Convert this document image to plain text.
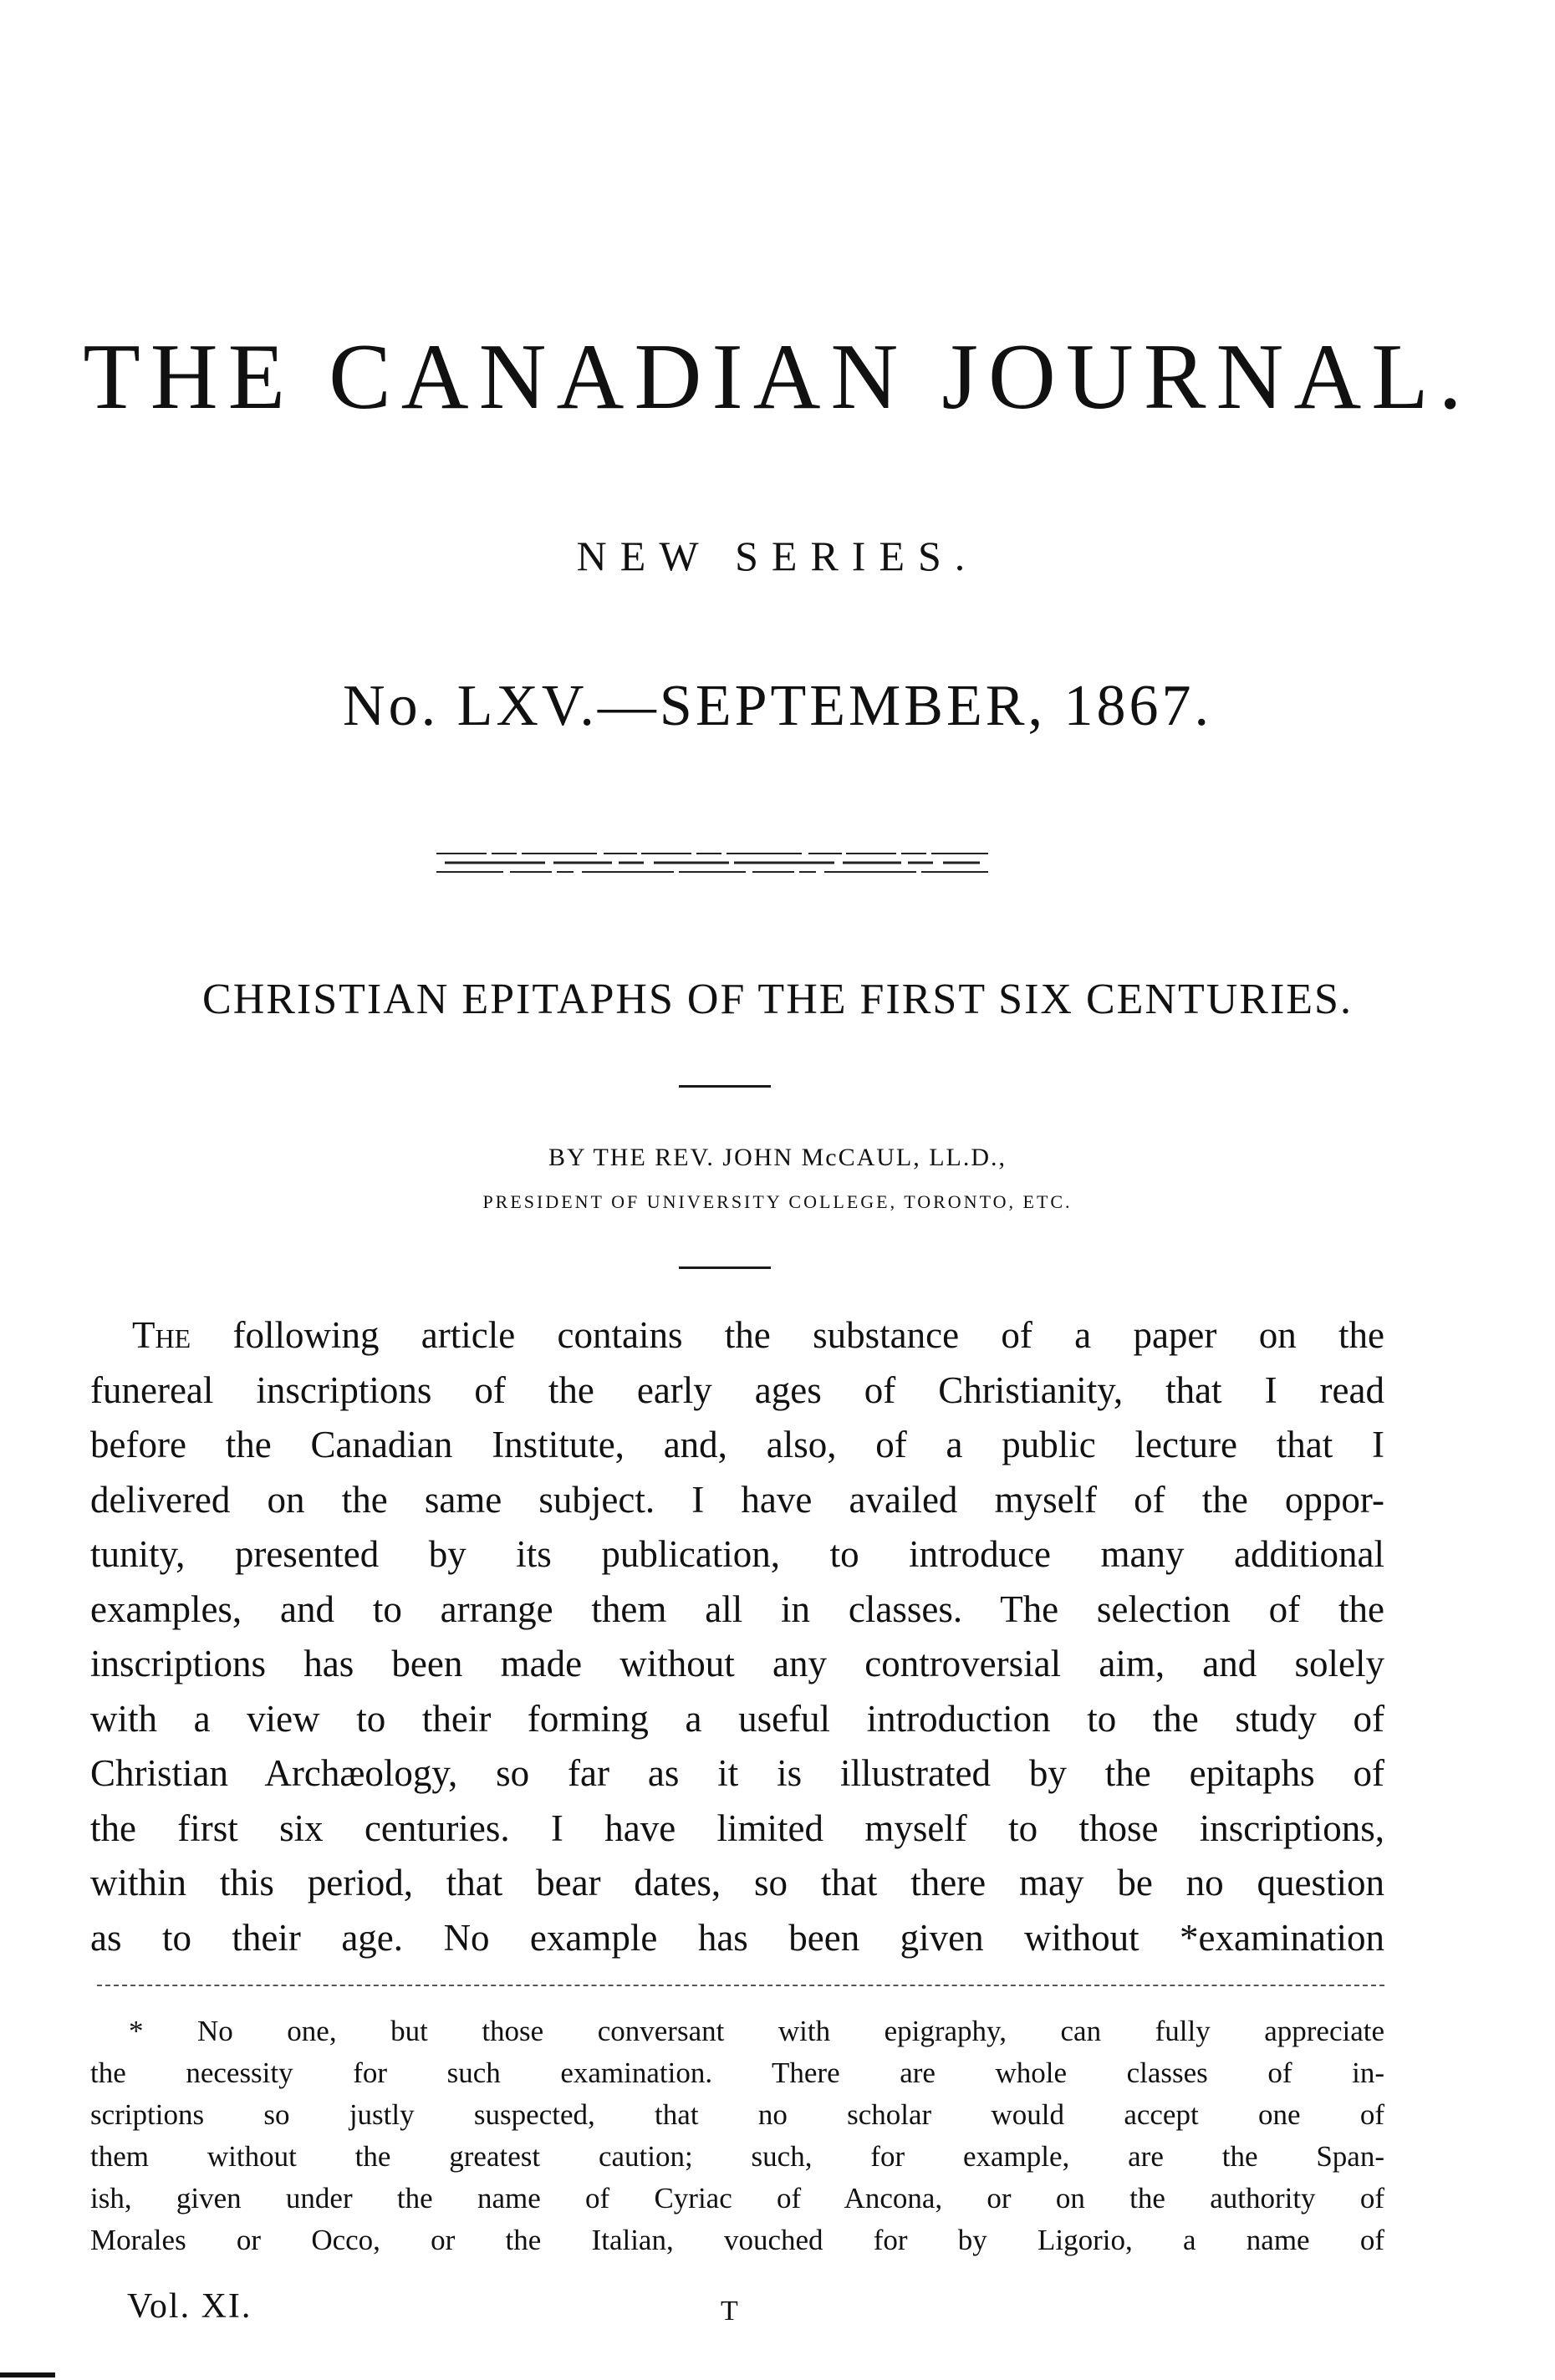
THE CANADIAN JOURNAL.
NEW SERIES.
No. LXV.—SEPTEMBER, 1867.
CHRISTIAN EPITAPHS OF THE FIRST SIX CENTURIES.
BY THE REV. JOHN McCAUL, LL.D.,
PRESIDENT OF UNIVERSITY COLLEGE, TORONTO, ETC.
The following article contains the substance of a paper on the
funereal inscriptions of the early ages of Christianity, that I read
before the Canadian Institute, and, also, of a public lecture that I
delivered on the same subject. I have availed myself of the oppor-
tunity, presented by its publication, to introduce many additional
examples, and to arrange them all in classes. The selection of the
inscriptions has been made without any controversial aim, and solely
with a view to their forming a useful introduction to the study of
Christian Archæology, so far as it is illustrated by the epitaphs of
the first six centuries. I have limited myself to those inscriptions,
within this period, that bear dates, so that there may be no question
as to their age. No example has been given without *examination
* No one, but those conversant with epigraphy, can fully appreciate
the necessity for such examination. There are whole classes of in-
scriptions so justly suspected, that no scholar would accept one of
them without the greatest caution; such, for example, are the Span-
ish, given under the name of Cyriac of Ancona, or on the authority of
Morales or Occo, or the Italian, vouched for by Ligorio, a name of
Vol. XI.	T
